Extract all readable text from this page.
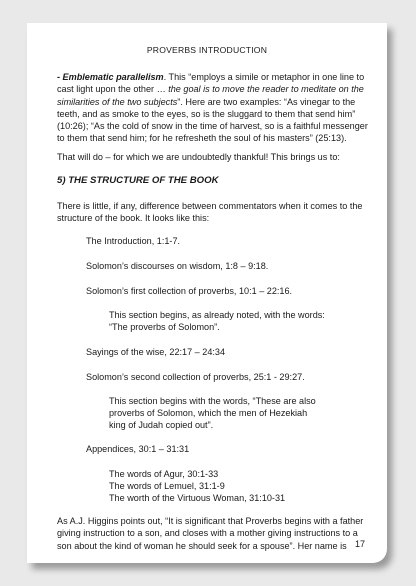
PROVERBS INTRODUCTION

- Emblematic parallelism. This “employs a simile or metaphor in one line to cast light upon the other … the goal is to move the reader to meditate on the similarities of the two subjects”. Here are two examples: “As vinegar to the teeth, and as smoke to the eyes, so is the sluggard to them that send him” (10:26); “As the cold of snow in the time of harvest, so is a faithful messenger to them that send him; for he refresheth the soul of his masters” (25:13).

That will do – for which we are undoubtedly thankful! This brings us to:

5) THE STRUCTURE OF THE BOOK

There is little, if any, difference between commentators when it comes to the structure of the book. It looks like this:

The Introduction, 1:1-7.

Solomon’s discourses on wisdom, 1:8 – 9:18.

Solomon’s first collection of proverbs, 10:1 – 22:16.

This section begins, as already noted, with the words:

“The proverbs of Solomon”.

Sayings of the wise, 22:17 – 24:34

Solomon’s second collection of proverbs, 25:1 - 29:27.

This section begins with the words, “These are also

proverbs of Solomon, which the men of Hezekiah

king of Judah copied out”.

Appendices, 30:1 – 31:31

The words of Agur, 30:1-33

The words of Lemuel, 31:1-9

The worth of the Virtuous Woman, 31:10-31

As A.J. Higgins points out, “It is significant that Proverbs begins with a father giving instruction to a son, and closes with a mother giving instructions to a son about the kind of woman he should seek for a spouse”. Her name is 17
